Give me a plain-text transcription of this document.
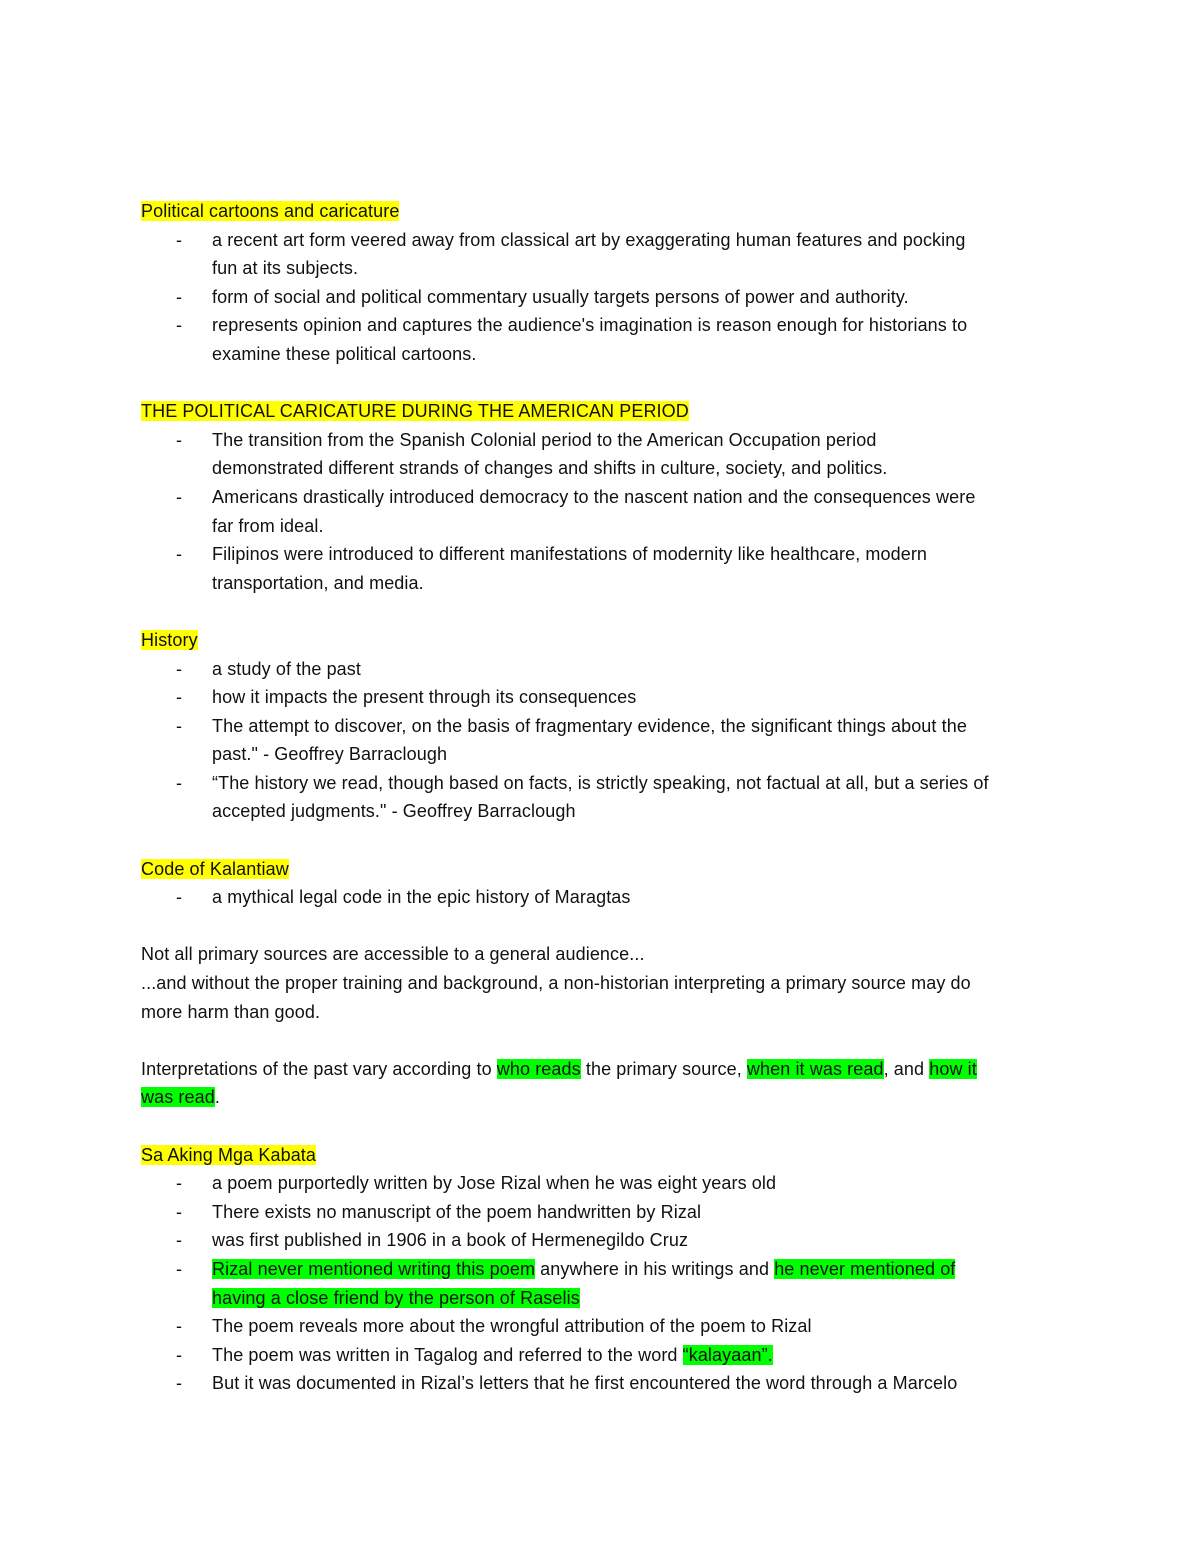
Political cartoons and caricature
- a recent art form veered away from classical art by exaggerating human features and pocking
fun at its subjects.
- form of social and political commentary usually targets persons of power and authority.
- represents opinion and captures the audience's imagination is reason enough for historians to
examine these political cartoons.
THE POLITICAL CARICATURE DURING THE AMERICAN PERIOD
- The transition from the Spanish Colonial period to the American Occupation period
demonstrated different strands of changes and shifts in culture, society, and politics.
- Americans drastically introduced democracy to the nascent nation and the consequences were
far from ideal.
- Filipinos were introduced to different manifestations of modernity like healthcare, modern
transportation, and media.
History
- a study of the past
- how it impacts the present through its consequences
- The attempt to discover, on the basis of fragmentary evidence, the significant things about the
past." - Geoffrey Barraclough
- “The history we read, though based on facts, is strictly speaking, not factual at all, but a series of
accepted judgments." - Geoffrey Barraclough
Code of Kalantiaw
- a mythical legal code in the epic history of Maragtas
Not all primary sources are accessible to a general audience...
...and without the proper training and background, a non-historian interpreting a primary source may do
more harm than good.
Interpretations of the past vary according to who reads the primary source, when it was read, and how it
was read.
Sa Aking Mga Kabata
- a poem purportedly written by Jose Rizal when he was eight years old
- There exists no manuscript of the poem handwritten by Rizal
- was first published in 1906 in a book of Hermenegildo Cruz
- Rizal never mentioned writing this poem anywhere in his writings and he never mentioned of
having a close friend by the person of Raselis
- The poem reveals more about the wrongful attribution of the poem to Rizal
- The poem was written in Tagalog and referred to the word “kalayaan”.
- But it was documented in Rizal’s letters that he first encountered the word through a Marcelo
